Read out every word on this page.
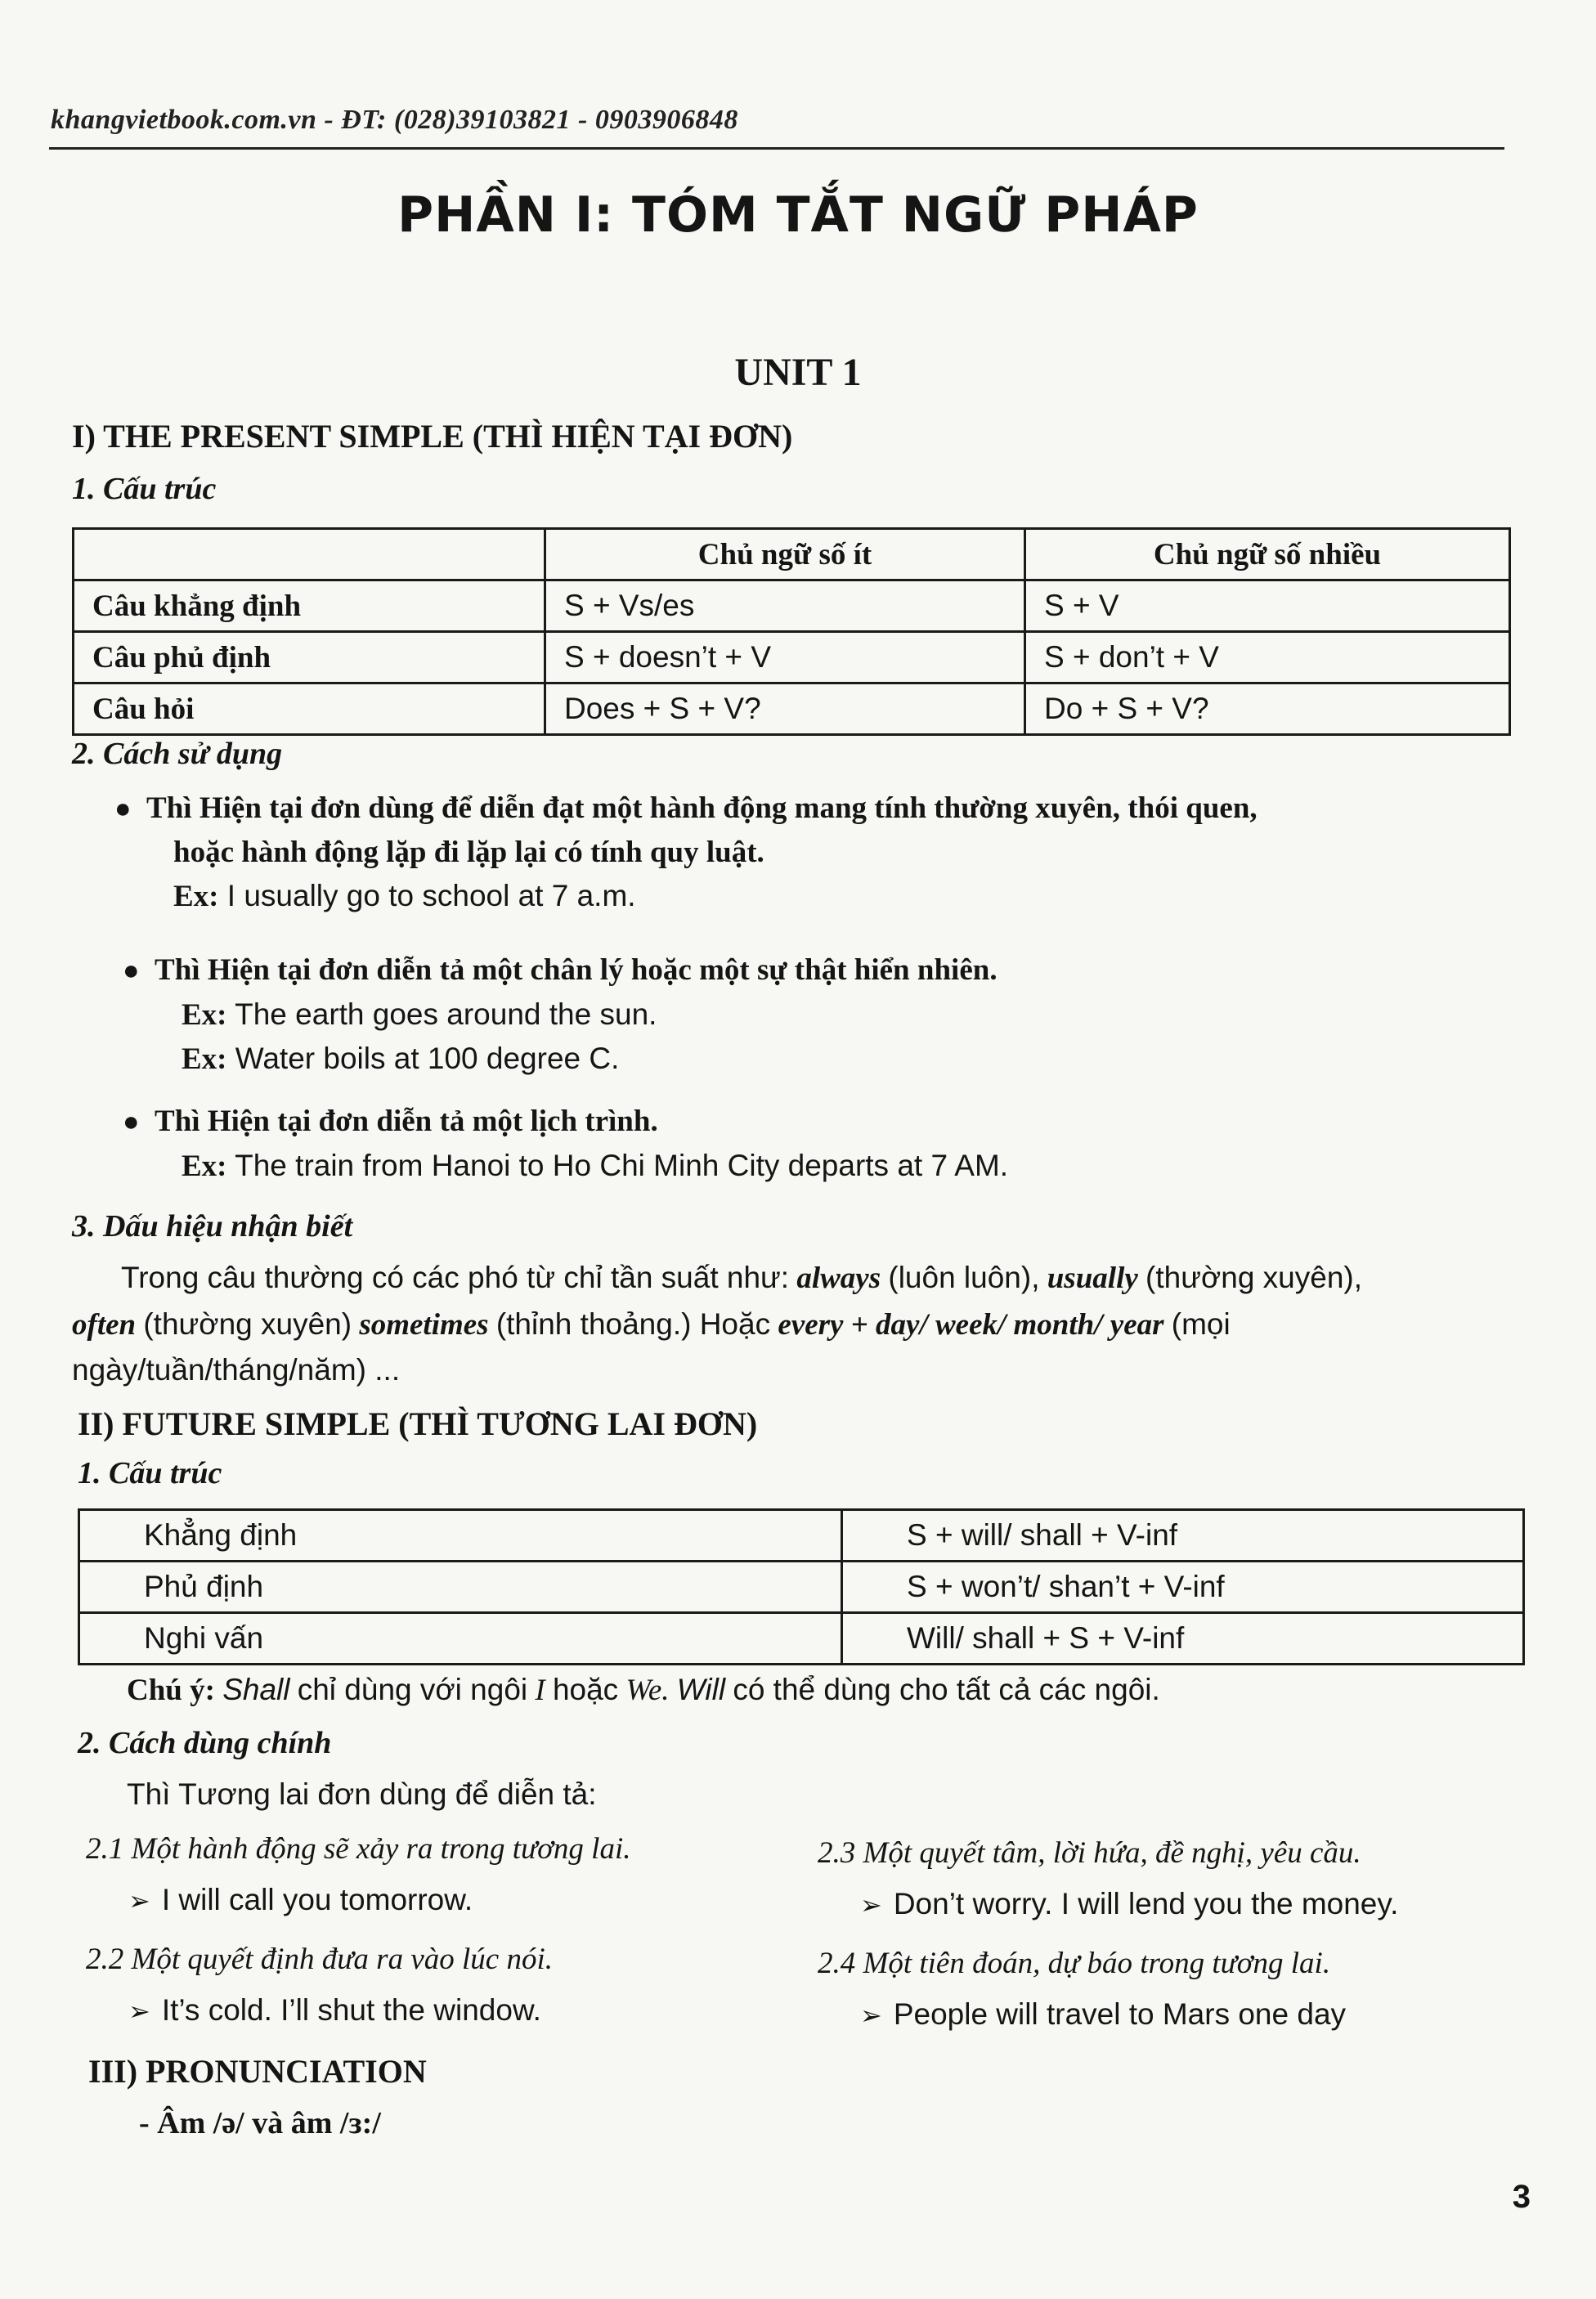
khangvietbook.com.vn - ĐT: (028)39103821 - 0903906848
PHẦN I: TÓM TẮT NGỮ PHÁP
UNIT 1
I) THE PRESENT SIMPLE (THÌ HIỆN TẠI ĐƠN)
1. Cấu trúc
	Chủ ngữ số ít	Chủ ngữ số nhiều
Câu khẳng định	S + Vs/es	S + V
Câu phủ định	S + doesn’t + V	S + don’t + V
Câu hỏi	Does + S + V?	Do + S + V?
2. Cách sử dụng
● Thì Hiện tại đơn dùng để diễn đạt một hành động mang tính thường xuyên, thói quen,
hoặc hành động lặp đi lặp lại có tính quy luật.
Ex: I usually go to school at 7 a.m.
● Thì Hiện tại đơn diễn tả một chân lý hoặc một sự thật hiển nhiên.
Ex: The earth goes around the sun.
Ex: Water boils at 100 degree C.
● Thì Hiện tại đơn diễn tả một lịch trình.
Ex: The train from Hanoi to Ho Chi Minh City departs at 7 AM.
3. Dấu hiệu nhận biết
Trong câu thường có các phó từ chỉ tần suất như: always (luôn luôn), usually (thường xuyên),
often (thường xuyên) sometimes (thỉnh thoảng.) Hoặc every + day/ week/ month/ year (mọi
ngày/tuần/tháng/năm) ...
II) FUTURE SIMPLE (THÌ TƯƠNG LAI ĐƠN)
1. Cấu trúc
Khẳng định	S + will/ shall + V-inf
Phủ định	S + won’t/ shan’t + V-inf
Nghi vấn	Will/ shall + S + V-inf
Chú ý: Shall chỉ dùng với ngôi I hoặc We. Will có thể dùng cho tất cả các ngôi.
2. Cách dùng chính
Thì Tương lai đơn dùng để diễn tả:
2.1 Một hành động sẽ xảy ra trong tương lai.
➢ I will call you tomorrow.
2.2 Một quyết định đưa ra vào lúc nói.
➢ It’s cold. I’ll shut the window.
2.3 Một quyết tâm, lời hứa, đề nghị, yêu cầu.
➢ Don’t worry. I will lend you the money.
2.4 Một tiên đoán, dự báo trong tương lai.
➢ People will travel to Mars one day
III) PRONUNCIATION
- Âm /ə/ và âm /ɜ:/
3
